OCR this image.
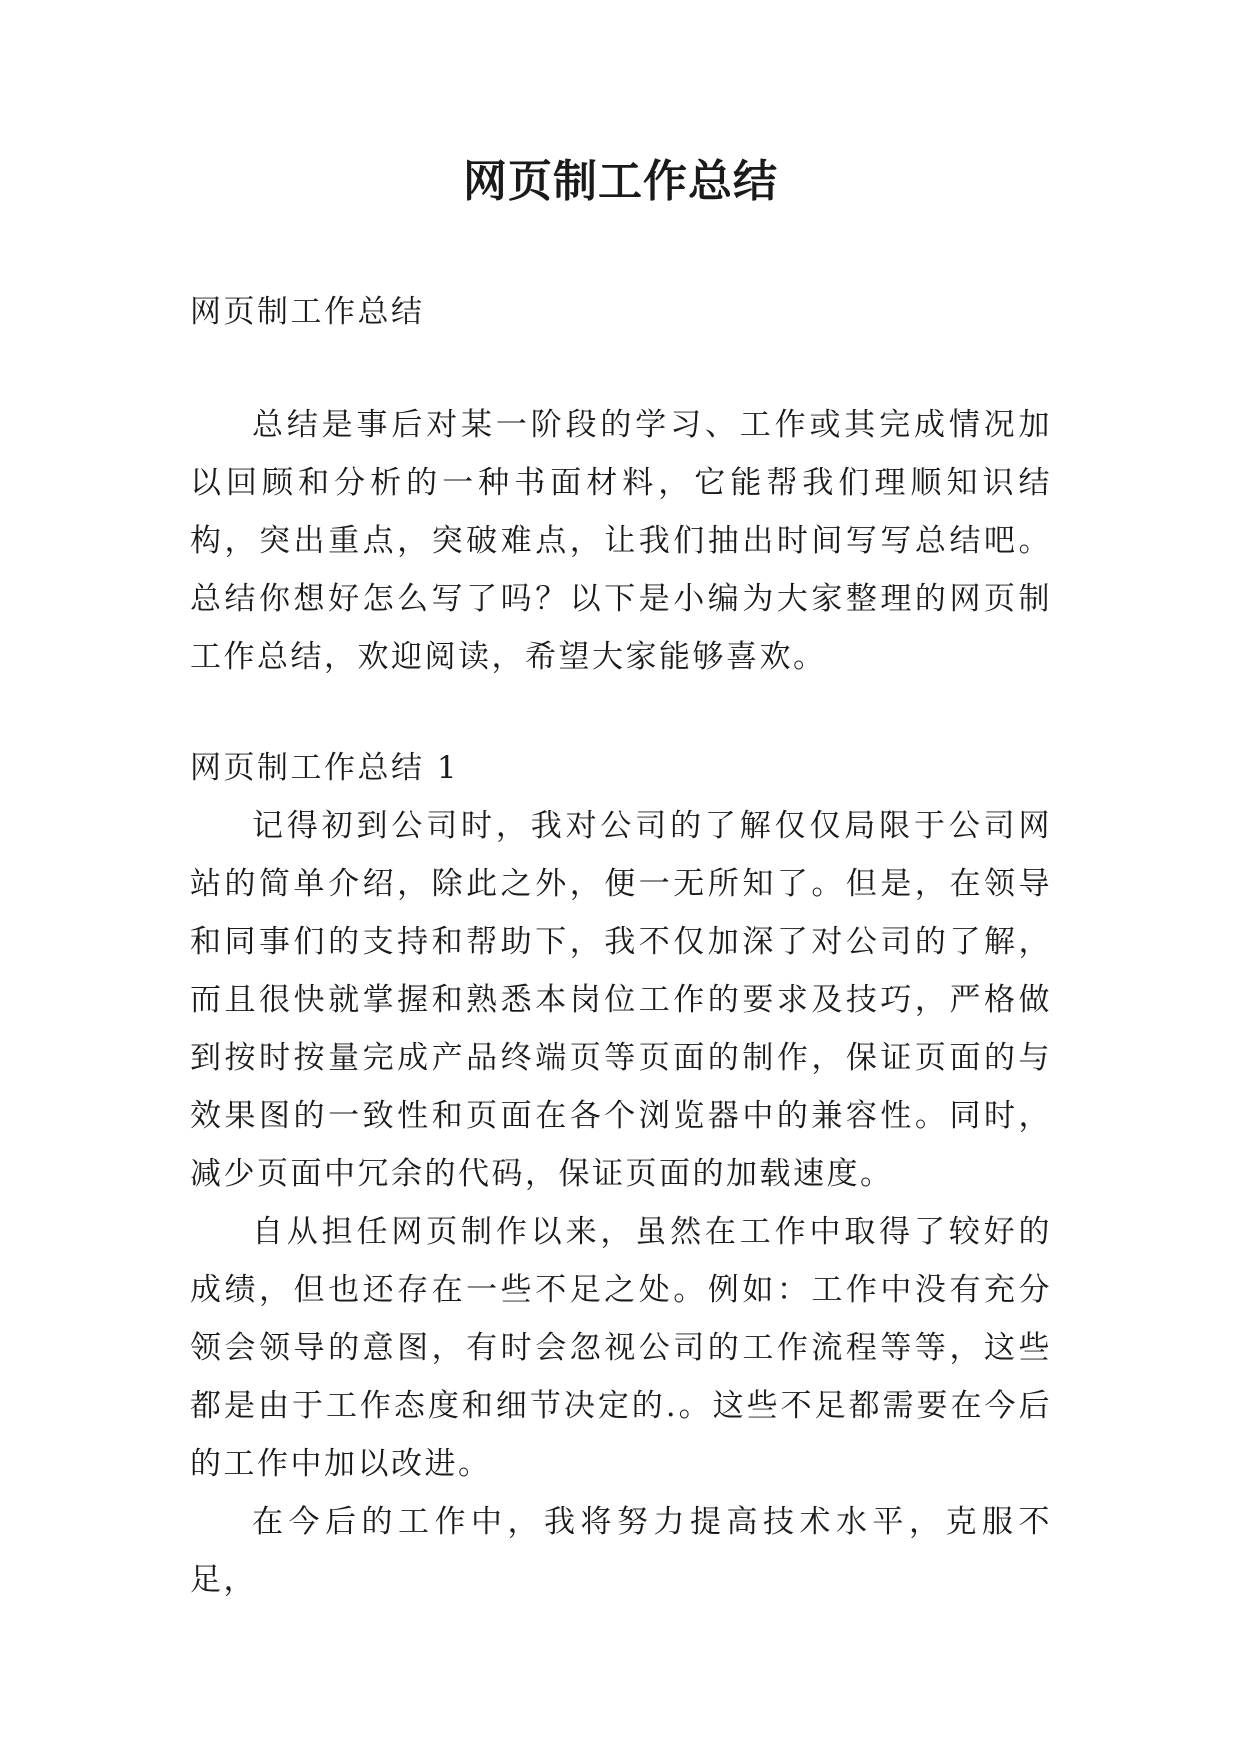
网页制工作总结

网页制工作总结

总结是事后对某一阶段的学习、工作或其完成情况加以回顾和分析的一种书面材料，它能帮我们理顺知识结构，突出重点，突破难点，让我们抽出时间写写总结吧。总结你想好怎么写了吗？以下是小编为大家整理的网页制工作总结，欢迎阅读，希望大家能够喜欢。

网页制工作总结 1

记得初到公司时，我对公司的了解仅仅局限于公司网站的简单介绍，除此之外，便一无所知了。但是，在领导和同事们的支持和帮助下，我不仅加深了对公司的了解，而且很快就掌握和熟悉本岗位工作的要求及技巧，严格做到按时按量完成产品终端页等页面的制作，保证页面的与效果图的一致性和页面在各个浏览器中的兼容性。同时，减少页面中冗余的代码，保证页面的加载速度。

自从担任网页制作以来，虽然在工作中取得了较好的成绩，但也还存在一些不足之处。例如：工作中没有充分领会领导的意图，有时会忽视公司的工作流程等等，这些都是由于工作态度和细节决定的.。这些不足都需要在今后的工作中加以改进。

在今后的工作中，我将努力提高技术水平，克服不足，
